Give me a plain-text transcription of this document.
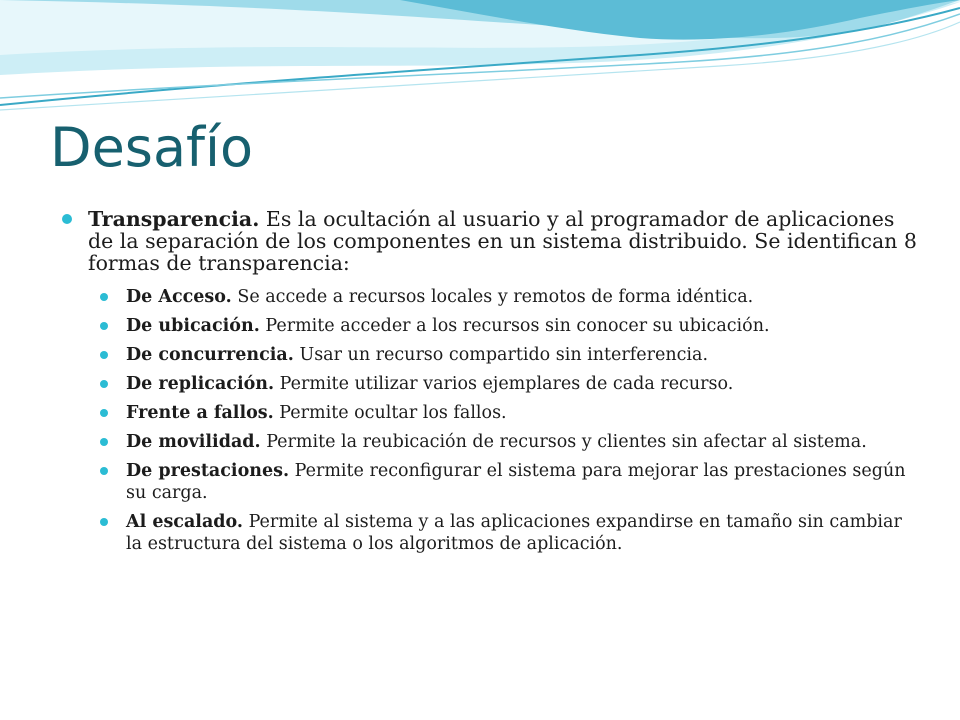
Desafío
Transparencia. Es la ocultación al usuario y al programador de aplicaciones de la separación de los componentes en un sistema distribuido. Se identifican 8 formas de transparencia:
De Acceso. Se accede a recursos locales y remotos de forma idéntica.
De ubicación. Permite acceder a los recursos sin conocer su ubicación.
De concurrencia. Usar un recurso compartido sin interferencia.
De replicación. Permite utilizar varios ejemplares de cada recurso.
Frente a fallos. Permite ocultar los fallos.
De movilidad. Permite la reubicación de recursos y clientes sin afectar al sistema.
De prestaciones. Permite reconfigurar el sistema para mejorar las prestaciones según su carga.
Al escalado. Permite al sistema y a las aplicaciones expandirse en tamaño sin cambiar la estructura del sistema o los algoritmos de aplicación.
